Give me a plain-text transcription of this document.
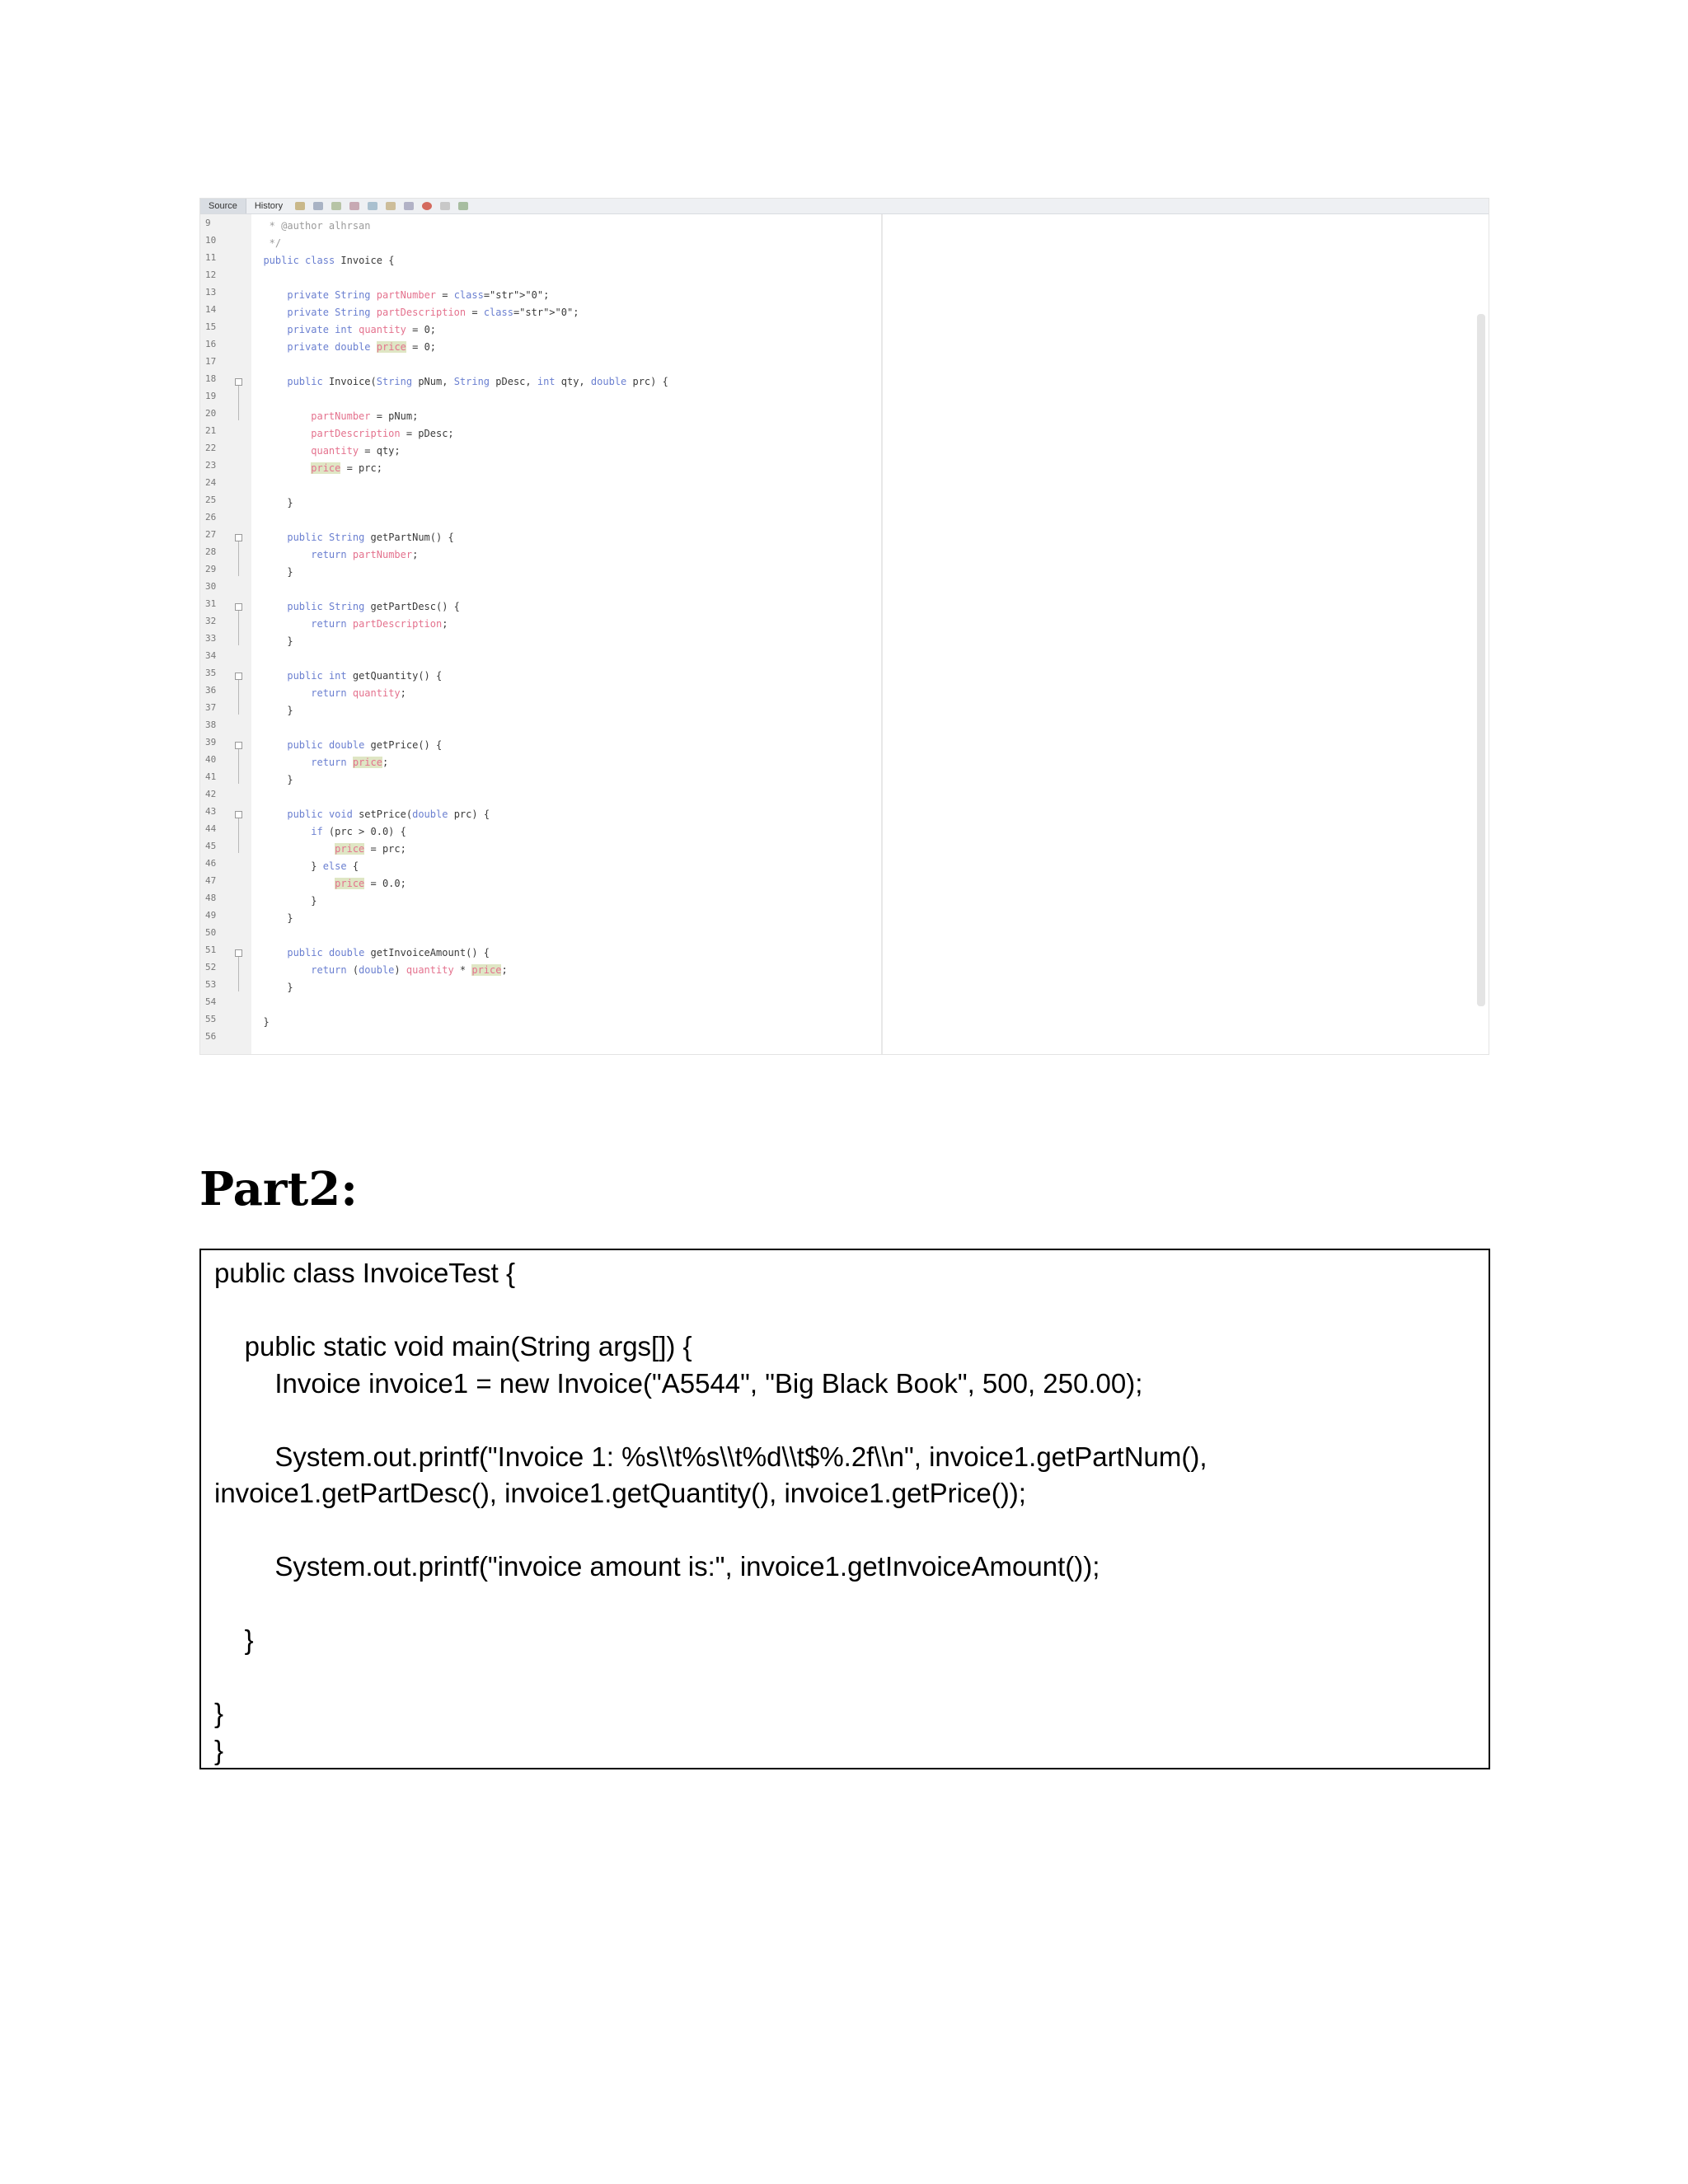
Source	History
9
10
11
12
13
14
15
16
17
18
19
20
21
22
23
24
25
26
27
28
29
30
31
32
33
34
35
36
37
38
39
40
41
42
43
44
45
46
47
48
49
50
51
52
53
54
55
56
* @author alhrsan
*/
public class Invoice {
private String partNumber = class="str">"0";
private String partDescription = class="str">"0";
private int quantity = 0;
private double price = 0;
public Invoice(String pNum, String pDesc, int qty, double prc) {
partNumber = pNum;
partDescription = pDesc;
quantity = qty;
price = prc;
}
public String getPartNum() {
return partNumber;
}
public String getPartDesc() {
return partDescription;
}
public int getQuantity() {
return quantity;
}
public double getPrice() {
return price;
}
public void setPrice(double prc) {
if (prc > 0.0) {
price = prc;
} else {
price = 0.0;
}
}
public double getInvoiceAmount() {
return (double) quantity * price;
}
}
Part2:
public class InvoiceTest {
public static void main(String args[]) {
Invoice invoice1 = new Invoice("A5544", "Big Black Book", 500, 250.00);
System.out.printf("Invoice 1: %s\\t%s\\t%d\\t$%.2f\\n", invoice1.getPartNum(),
invoice1.getPartDesc(), invoice1.getQuantity(), invoice1.getPrice());
System.out.printf("invoice amount is:", invoice1.getInvoiceAmount());
}
}
}
